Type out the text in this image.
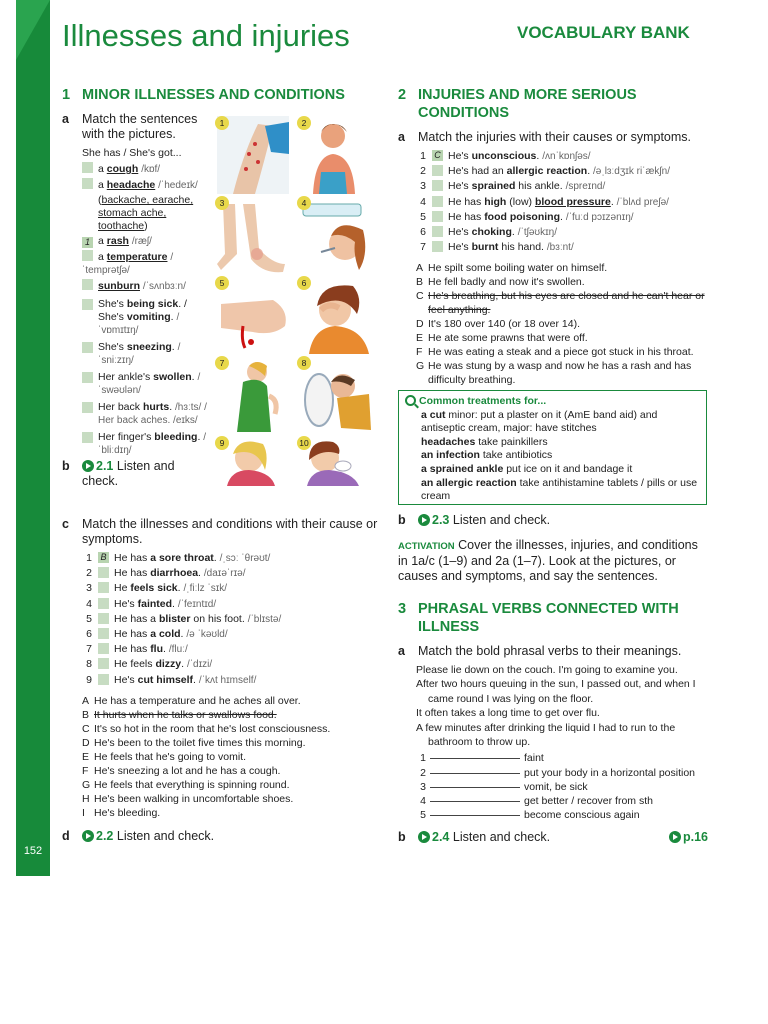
152
Illnesses and injuries	VOCABULARY BANK
1 MINOR ILLNESSES AND CONDITIONS
a Match the sentences with the pictures.
She has / She's got...
a cough /kɒf/
a headache /ˈhedeɪk/
(backache, earache, stomach ache, toothache)
1 a rash /ræʃ/
a temperature /ˈtemprətʃə/
sunburn /ˈsʌnbɜːn/
She's being sick. / She's vomiting. /ˈvɒmɪtɪŋ/
She's sneezing. /ˈsniːzɪŋ/
Her ankle's swollen. /ˈswəʊlən/
Her back hurts. /hɜːts/ / Her back aches. /eɪks/
Her finger's bleeding. /ˈbliːdɪŋ/
1	2
3	4
5	6
7	8
9	10
b 2.1 Listen and check.
c Match the illnesses and conditions with their cause or symptoms.
1 B He has a sore throat. /ˌsɔː ˈθrəʊt/
2 He has diarrhoea. /daɪəˈrɪə/
3 He feels sick. /ˌfiːlz ˈsɪk/
4 He's fainted. /ˈfeɪntɪd/
5 He has a blister on his foot. /ˈblɪstə/
6 He has a cold. /ə ˈkəʊld/
7 He has flu. /fluː/
8 He feels dizzy. /ˈdɪzi/
9 He's cut himself. /ˈkʌt hɪmself/
A He has a temperature and he aches all over.
B It hurts when he talks or swallows food.
C It's so hot in the room that he's lost consciousness.
D He's been to the toilet five times this morning.
E He feels that he's going to vomit.
F He's sneezing a lot and he has a cough.
G He feels that everything is spinning round.
H He's been walking in uncomfortable shoes.
I He's bleeding.
d 2.2 Listen and check.
2 INJURIES AND MORE SERIOUS CONDITIONS
a Match the injuries with their causes or symptoms.
1 C He's unconscious. /ʌnˈkɒnʃəs/
2 He's had an allergic reaction. /əˌlɜːdʒɪk riˈækʃn/
3 He's sprained his ankle. /spreɪnd/
4 He has high (low) blood pressure. /ˈblʌd preʃə/
5 He has food poisoning. /ˈfuːd pɔɪzənɪŋ/
6 He's choking. /ˈtʃəʊkɪŋ/
7 He's burnt his hand. /bɜːnt/
A He spilt some boiling water on himself.
B He fell badly and now it's swollen.
C He's breathing, but his eyes are closed and he can't hear or feel anything.
D It's 180 over 140 (or 18 over 14).
E He ate some prawns that were off.
F He was eating a steak and a piece got stuck in his throat.
G He was stung by a wasp and now he has a rash and has difficulty breathing.
Common treatments for...
a cut minor: put a plaster on it (AmE band aid) and antiseptic cream, major: have stitches
headaches take painkillers
an infection take antibiotics
a sprained ankle put ice on it and bandage it
an allergic reaction take antihistamine tablets / pills or use cream
b 2.3 Listen and check.
ACTIVATION Cover the illnesses, injuries, and conditions in 1a/c (1–9) and 2a (1–7). Look at the pictures, or causes and symptoms, and say the sentences.
3 PHRASAL VERBS CONNECTED WITH ILLNESS
a Match the bold phrasal verbs to their meanings.
Please lie down on the couch. I'm going to examine you.
After two hours queuing in the sun, I passed out, and when I came round I was lying on the floor.
It often takes a long time to get over flu.
A few minutes after drinking the liquid I had to run to the bathroom to throw up.
1	faint
2	put your body in a horizontal position
3	vomit, be sick
4	get better / recover from sth
5	become conscious again
b 2.4 Listen and check.	p.16
